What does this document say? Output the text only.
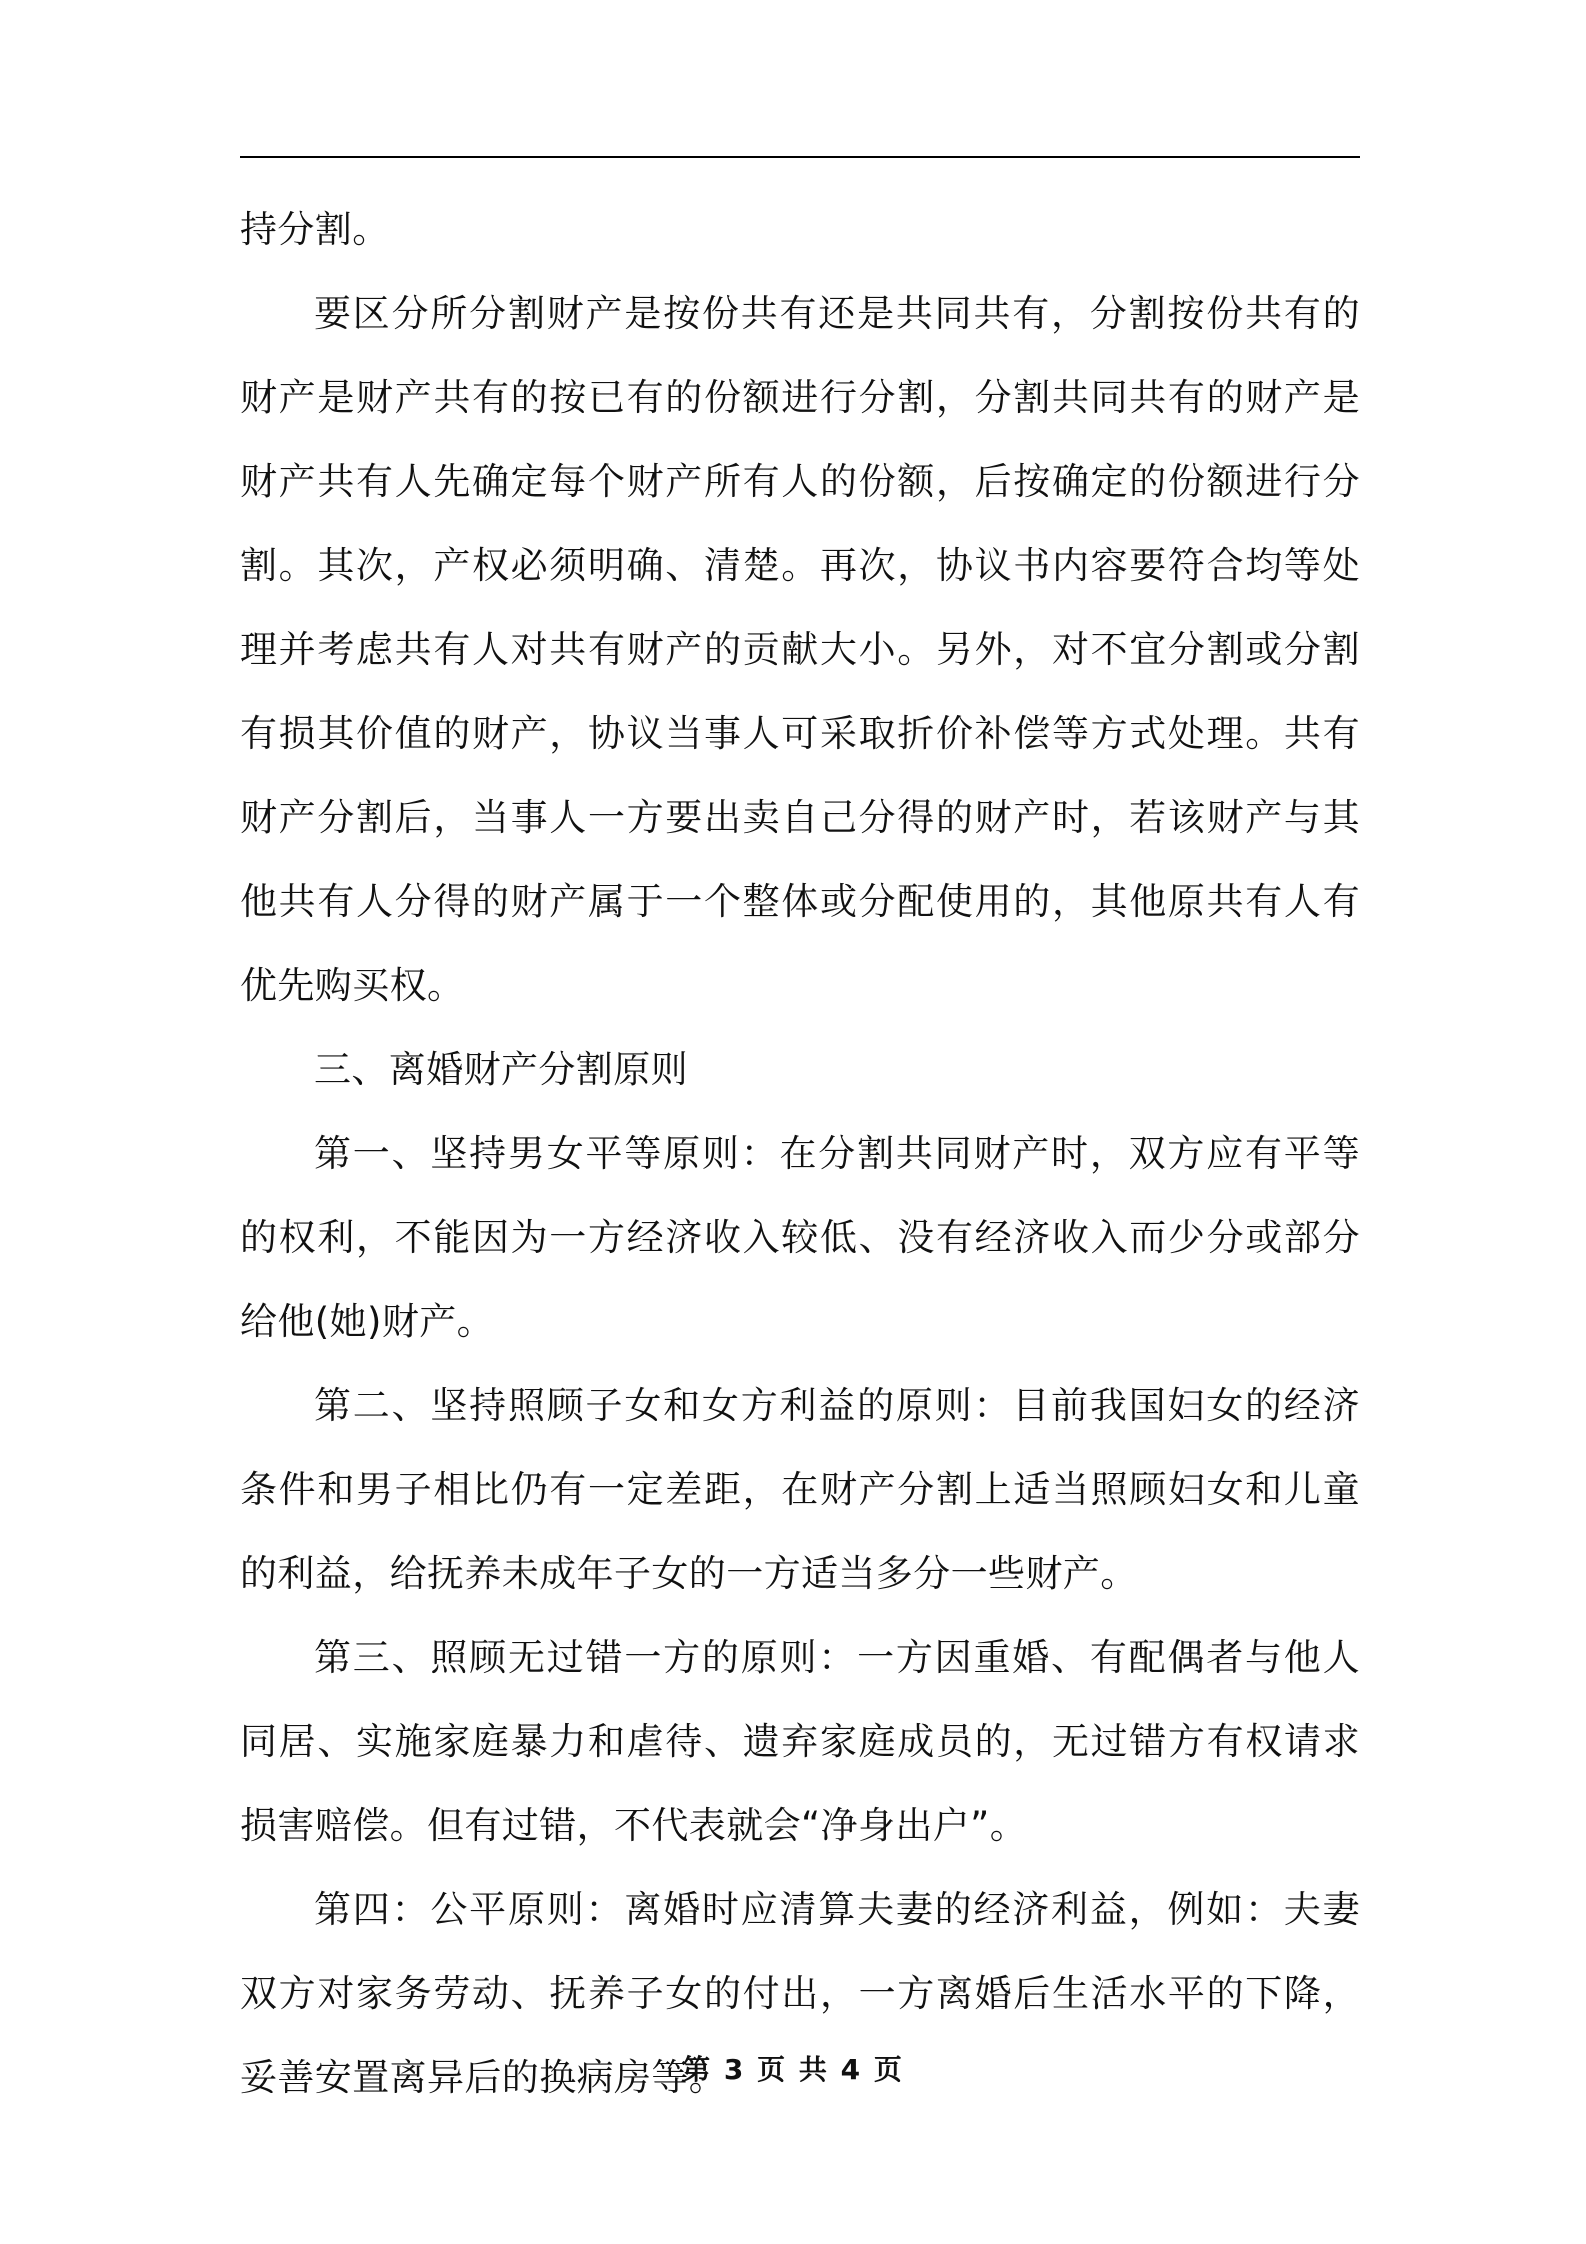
持分割。

要区分所分割财产是按份共有还是共同共有，分割按份共有的财产是财产共有的按已有的份额进行分割，分割共同共有的财产是财产共有人先确定每个财产所有人的份额，后按确定的份额进行分割。其次，产权必须明确、清楚。再次，协议书内容要符合均等处理并考虑共有人对共有财产的贡献大小。另外，对不宜分割或分割有损其价值的财产，协议当事人可采取折价补偿等方式处理。共有财产分割后，当事人一方要出卖自己分得的财产时，若该财产与其他共有人分得的财产属于一个整体或分配使用的，其他原共有人有优先购买权。

三、离婚财产分割原则

第一、坚持男女平等原则：在分割共同财产时，双方应有平等的权利，不能因为一方经济收入较低、没有经济收入而少分或部分给他(她)财产。

第二、坚持照顾子女和女方利益的原则：目前我国妇女的经济条件和男子相比仍有一定差距，在财产分割上适当照顾妇女和儿童的利益，给抚养未成年子女的一方适当多分一些财产。

第三、照顾无过错一方的原则：一方因重婚、有配偶者与他人同居、实施家庭暴力和虐待、遗弃家庭成员的，无过错方有权请求损害赔偿。但有过错，不代表就会“净身出户”。

第四：公平原则：离婚时应清算夫妻的经济利益，例如：夫妻双方对家务劳动、抚养子女的付出，一方离婚后生活水平的下降，妥善安置离异后的换病房等。

第 3 页 共 4 页
